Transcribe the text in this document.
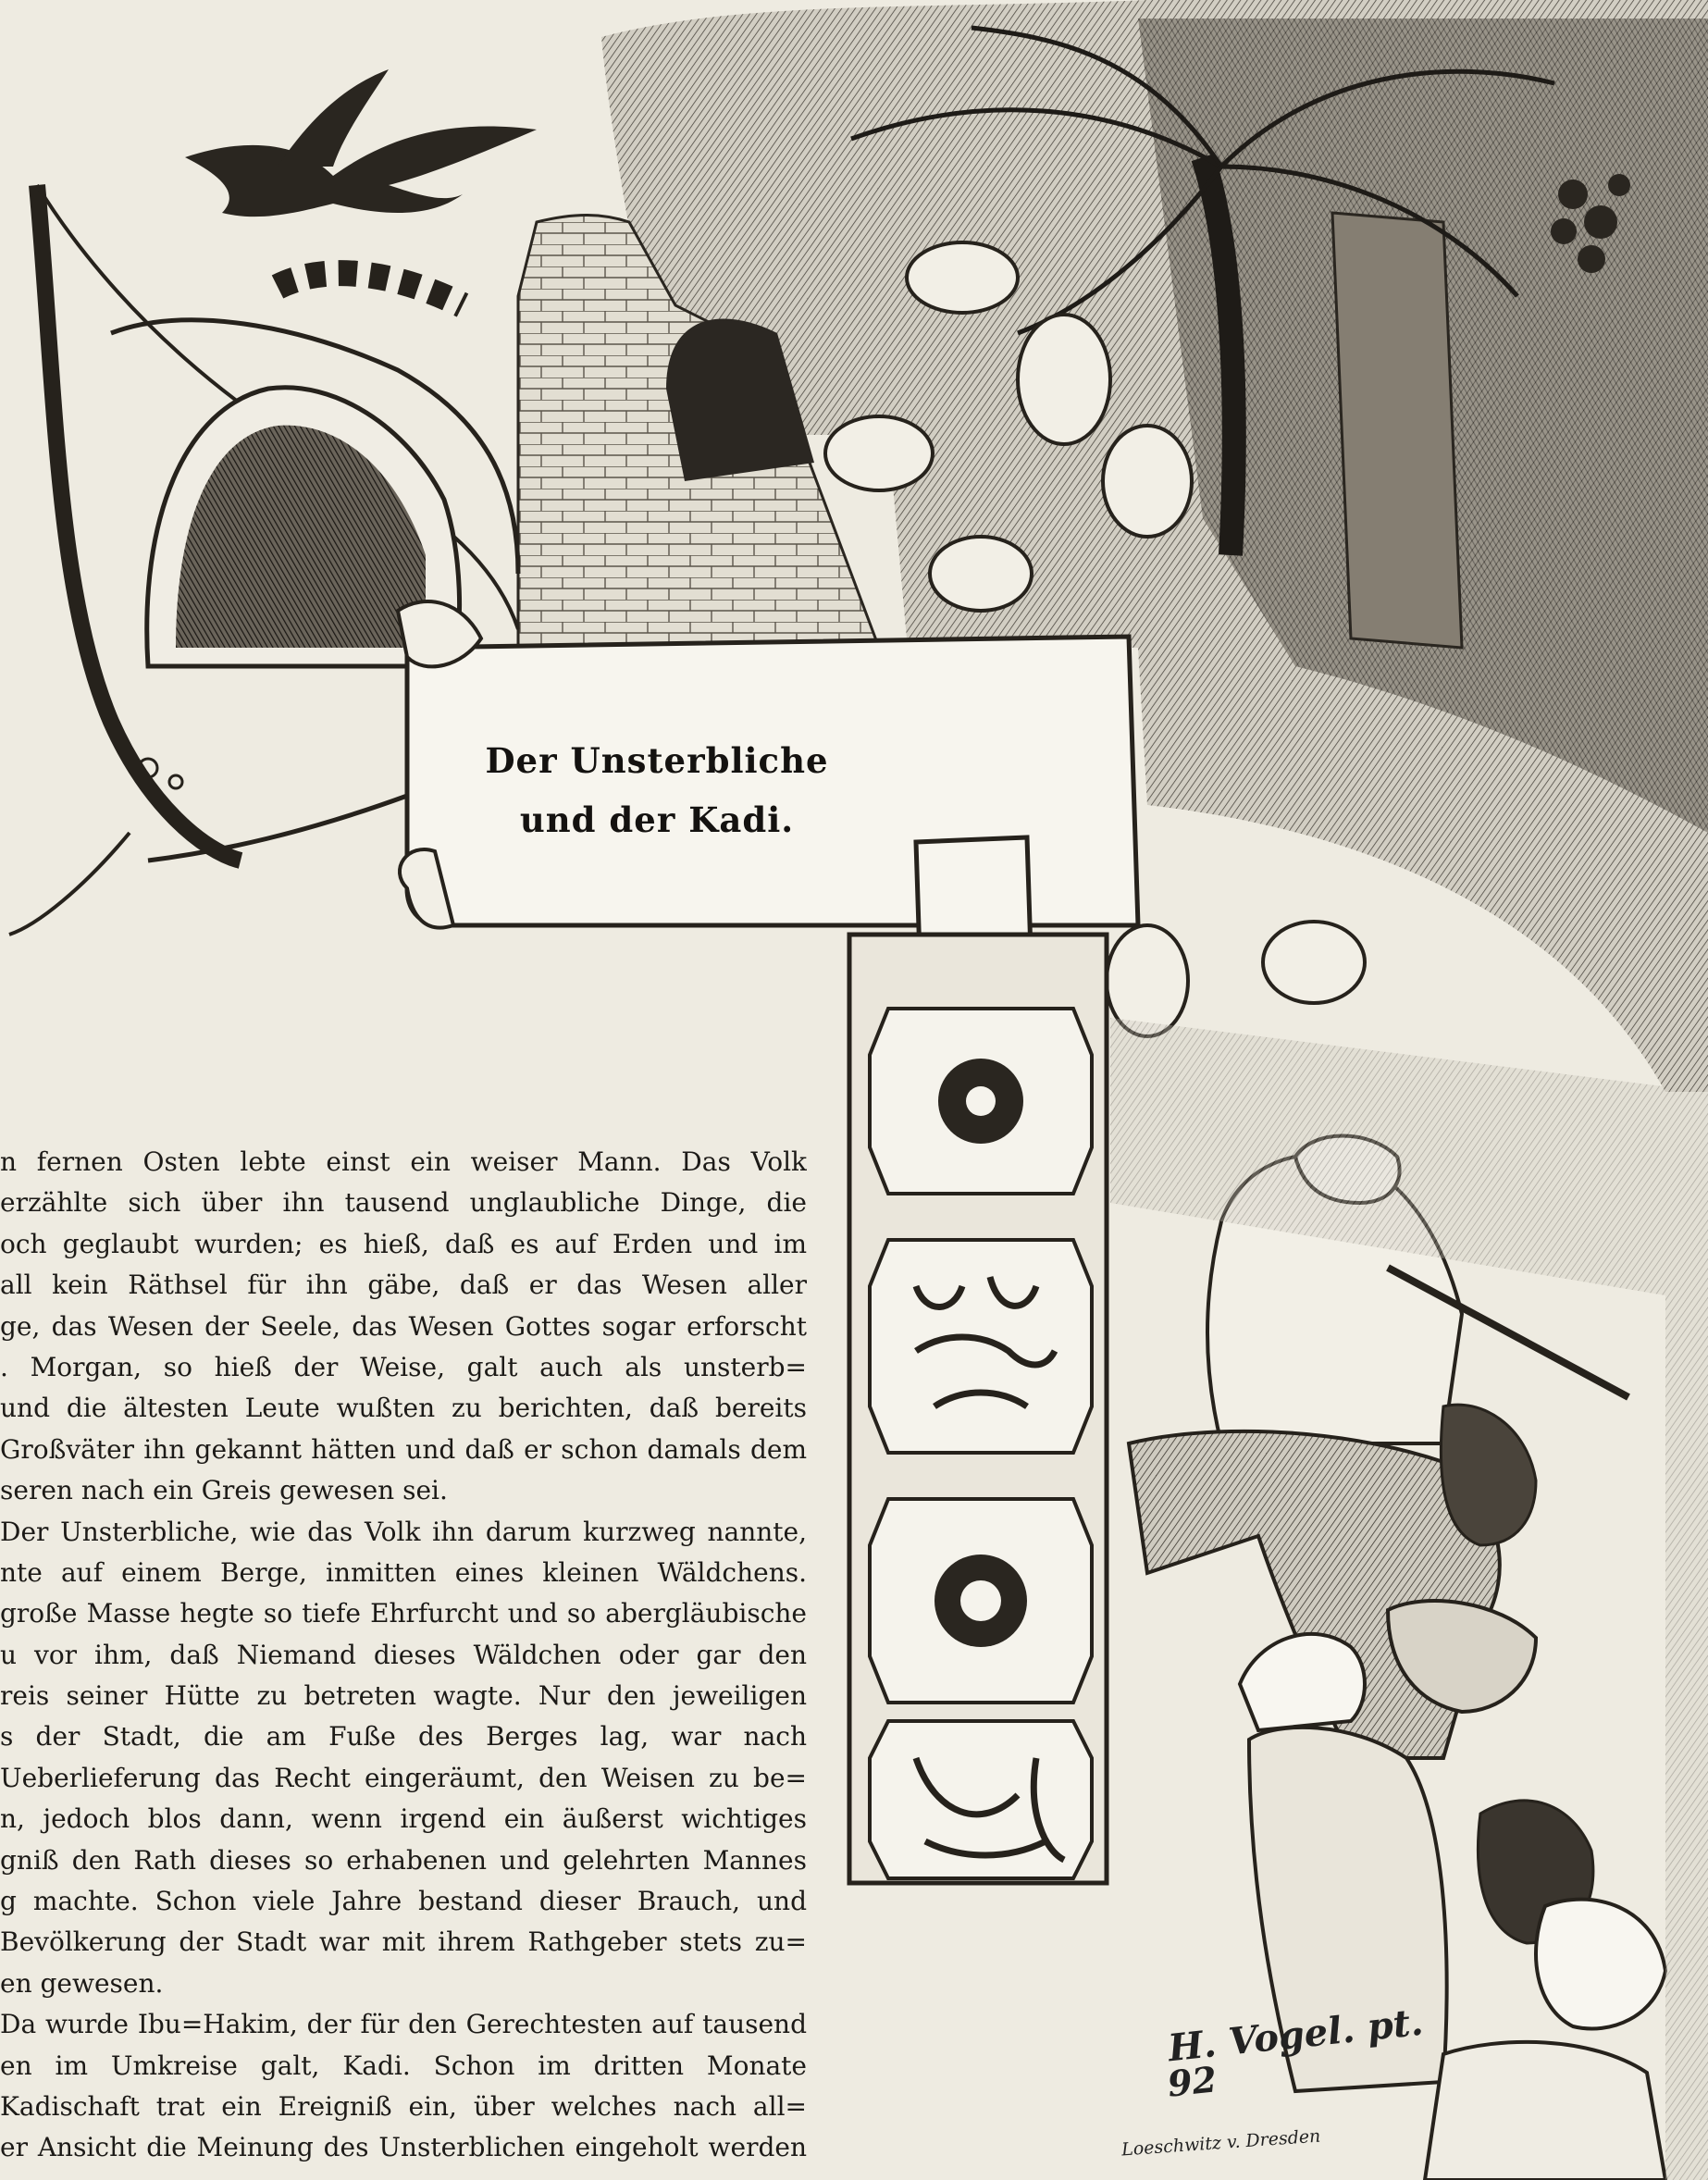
Der Unsterbliche
und der Kadi.
n fernen Osten lebte einst ein weiser Mann. Das Volk
erzählte sich über ihn tausend unglaubliche Dinge, die
och geglaubt wurden; es hieß, daß es auf Erden und im
all kein Räthsel für ihn gäbe, daß er das Wesen aller
ge, das Wesen der Seele, das Wesen Gottes sogar erforscht
. Morgan, so hieß der Weise, galt auch als unsterb=
und die ältesten Leute wußten zu berichten, daß bereits
Großväter ihn gekannt hätten und daß er schon damals dem
seren nach ein Greis gewesen sei.
Der Unsterbliche, wie das Volk ihn darum kurzweg nannte,
nte auf einem Berge, inmitten eines kleinen Wäldchens.
große Masse hegte so tiefe Ehrfurcht und so abergläubische
u vor ihm, daß Niemand dieses Wäldchen oder gar den
reis seiner Hütte zu betreten wagte. Nur den jeweiligen
s der Stadt, die am Fuße des Berges lag, war nach
Ueberlieferung das Recht eingeräumt, den Weisen zu be=
n, jedoch blos dann, wenn irgend ein äußerst wichtiges
gniß den Rath dieses so erhabenen und gelehrten Mannes
g machte. Schon viele Jahre bestand dieser Brauch, und
Bevölkerung der Stadt war mit ihrem Rathgeber stets zu=
en gewesen.
Da wurde Ibu=Hakim, der für den Gerechtesten auf tausend
en im Umkreise galt, Kadi. Schon im dritten Monate
Kadischaft trat ein Ereigniß ein, über welches nach all=
er Ansicht die Meinung des Unsterblichen eingeholt werden
H. Vogel. pt.
92
Loeschwitz v. Dresden
